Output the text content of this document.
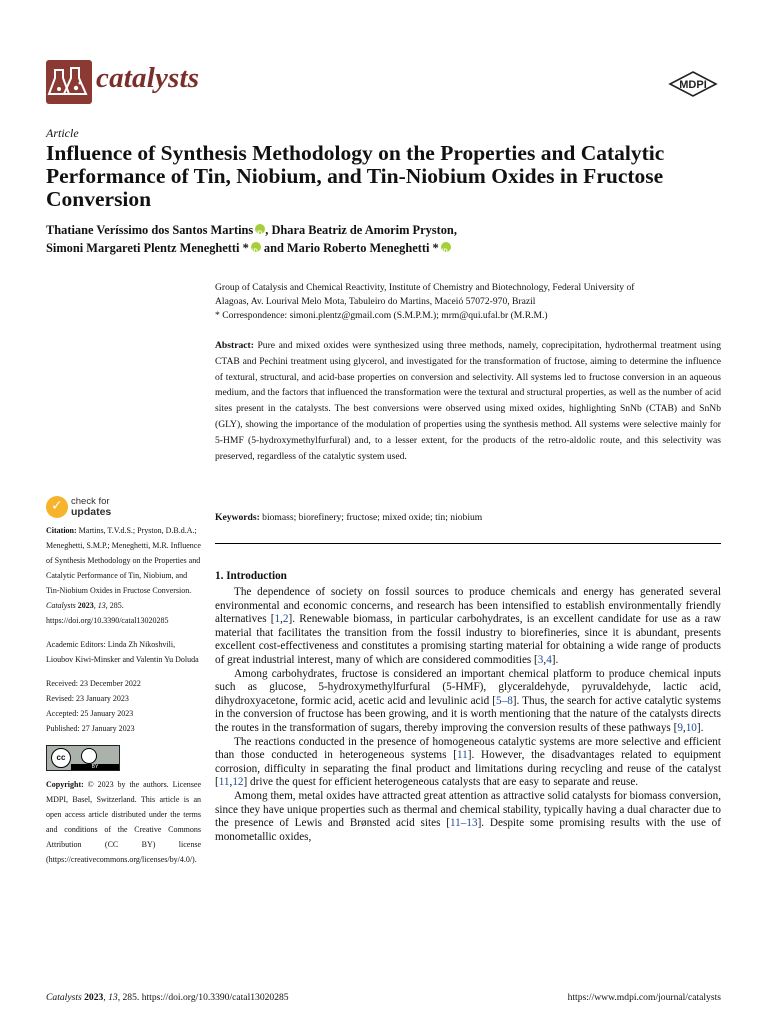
catalysts	MDPI
Article
Influence of Synthesis Methodology on the Properties and Catalytic Performance of Tin, Niobium, and Tin-Niobium Oxides in Fructose Conversion
Thatiane Veríssimo dos Santos MartinsiD , Dhara Beatriz de Amorim Pryston,
Simoni Margareti Plentz Meneghetti *iD and Mario Roberto Meneghetti *iD
Group of Catalysis and Chemical Reactivity, Institute of Chemistry and Biotechnology, Federal University of
Alagoas, Av. Lourival Melo Mota, Tabuleiro do Martins, Maceió 57072-970, Brazil
* Correspondence: simoni.plentz@gmail.com (S.M.P.M.); mrm@qui.ufal.br (M.R.M.)
Abstract: Pure and mixed oxides were synthesized using three methods, namely, coprecipitation, hydrothermal treatment using CTAB and Pechini treatment using glycerol, and investigated for the transformation of fructose, aiming to determine the influence of textural, structural, and acid-base properties on conversion and selectivity. All systems led to fructose conversion in an aqueous medium, and the factors that influenced the transformation were the textural and structural properties, as well as the number of acid sites present in the catalysts. The best conversions were observed using mixed oxides, highlighting SnNb (CTAB) and SnNb (GLY), showing the importance of the modulation of properties using the synthesis method. All systems were selective mainly for 5-HMF (5-hydroxymethylfurfural) and, to a lesser extent, for the products of the retro-aldolic route, and this selectivity was preserved, regardless of the catalytic system used.
Keywords: biomass; biorefinery; fructose; mixed oxide; tin; niobium
1. Introduction

The dependence of society on fossil sources to produce chemicals and energy has generated several environmental and economic concerns, and research has been intensified to establish environmentally friendly alternatives [1,2]. Renewable biomass, in particular carbohydrates, is an excellent candidate for use as a raw material that facilitates the transition from the fossil industry to biorefineries, since it is abundant, presents excellent cost-effectiveness and constitutes a promising starting material for obtaining a wide range of products of great industrial interest, many of which are considered commodities [3,4].

Among carbohydrates, fructose is considered an important chemical platform to produce chemical inputs such as glucose, 5-hydroxymethylfurfural (5-HMF), glyceraldehyde, pyruvaldehyde, lactic acid, dihydroxyacetone, formic acid, acetic acid and levulinic acid [5–8]. Thus, the search for active catalytic systems in the conversion of fructose has been growing, and it is worth mentioning that the nature of the catalysts directs the routes in the transformation of sugars, thereby improving the conversion results of these pathways [9,10].

The reactions conducted in the presence of homogeneous catalytic systems are more selective and efficient than those conducted in heterogeneous systems [11]. However, the disadvantages related to equipment corrosion, difficulty in separating the final product and limitations during recycling and reuse of the catalyst [11,12] drive the quest for efficient heterogeneous catalysts that are easy to separate and reuse.

Among them, metal oxides have attracted great attention as attractive solid catalysts for biomass conversion, since they have unique properties such as thermal and chemical stability, typically having a dual character due to the presence of Lewis and Brønsted acid sites [11–13]. Despite some promising results with the use of monometallic oxides,

✓ check for
updates
Citation: Martins, T.V.d.S.; Pryston, D.B.d.A.; Meneghetti, S.M.P.; Meneghetti, M.R. Influence of Synthesis Methodology on the Properties and Catalytic Performance of Tin, Niobium, and Tin-Niobium Oxides in Fructose Conversion. Catalysts 2023, 13, 285. https://doi.org/10.3390/catal13020285
Academic Editors: Linda Zh Nikoshvili, Lioubov Kiwi-Minsker and Valentin Yu Doluda
Received: 23 December 2022
Revised: 23 January 2023
Accepted: 25 January 2023
Published: 27 January 2023
cc
BY
Copyright: © 2023 by the authors. Licensee MDPI, Basel, Switzerland. This article is an open access article distributed under the terms and conditions of the Creative Commons Attribution (CC BY) license (https://creativecommons.org/licenses/by/4.0/).
Catalysts 2023, 13, 285. https://doi.org/10.3390/catal13020285	https://www.mdpi.com/journal/catalysts
